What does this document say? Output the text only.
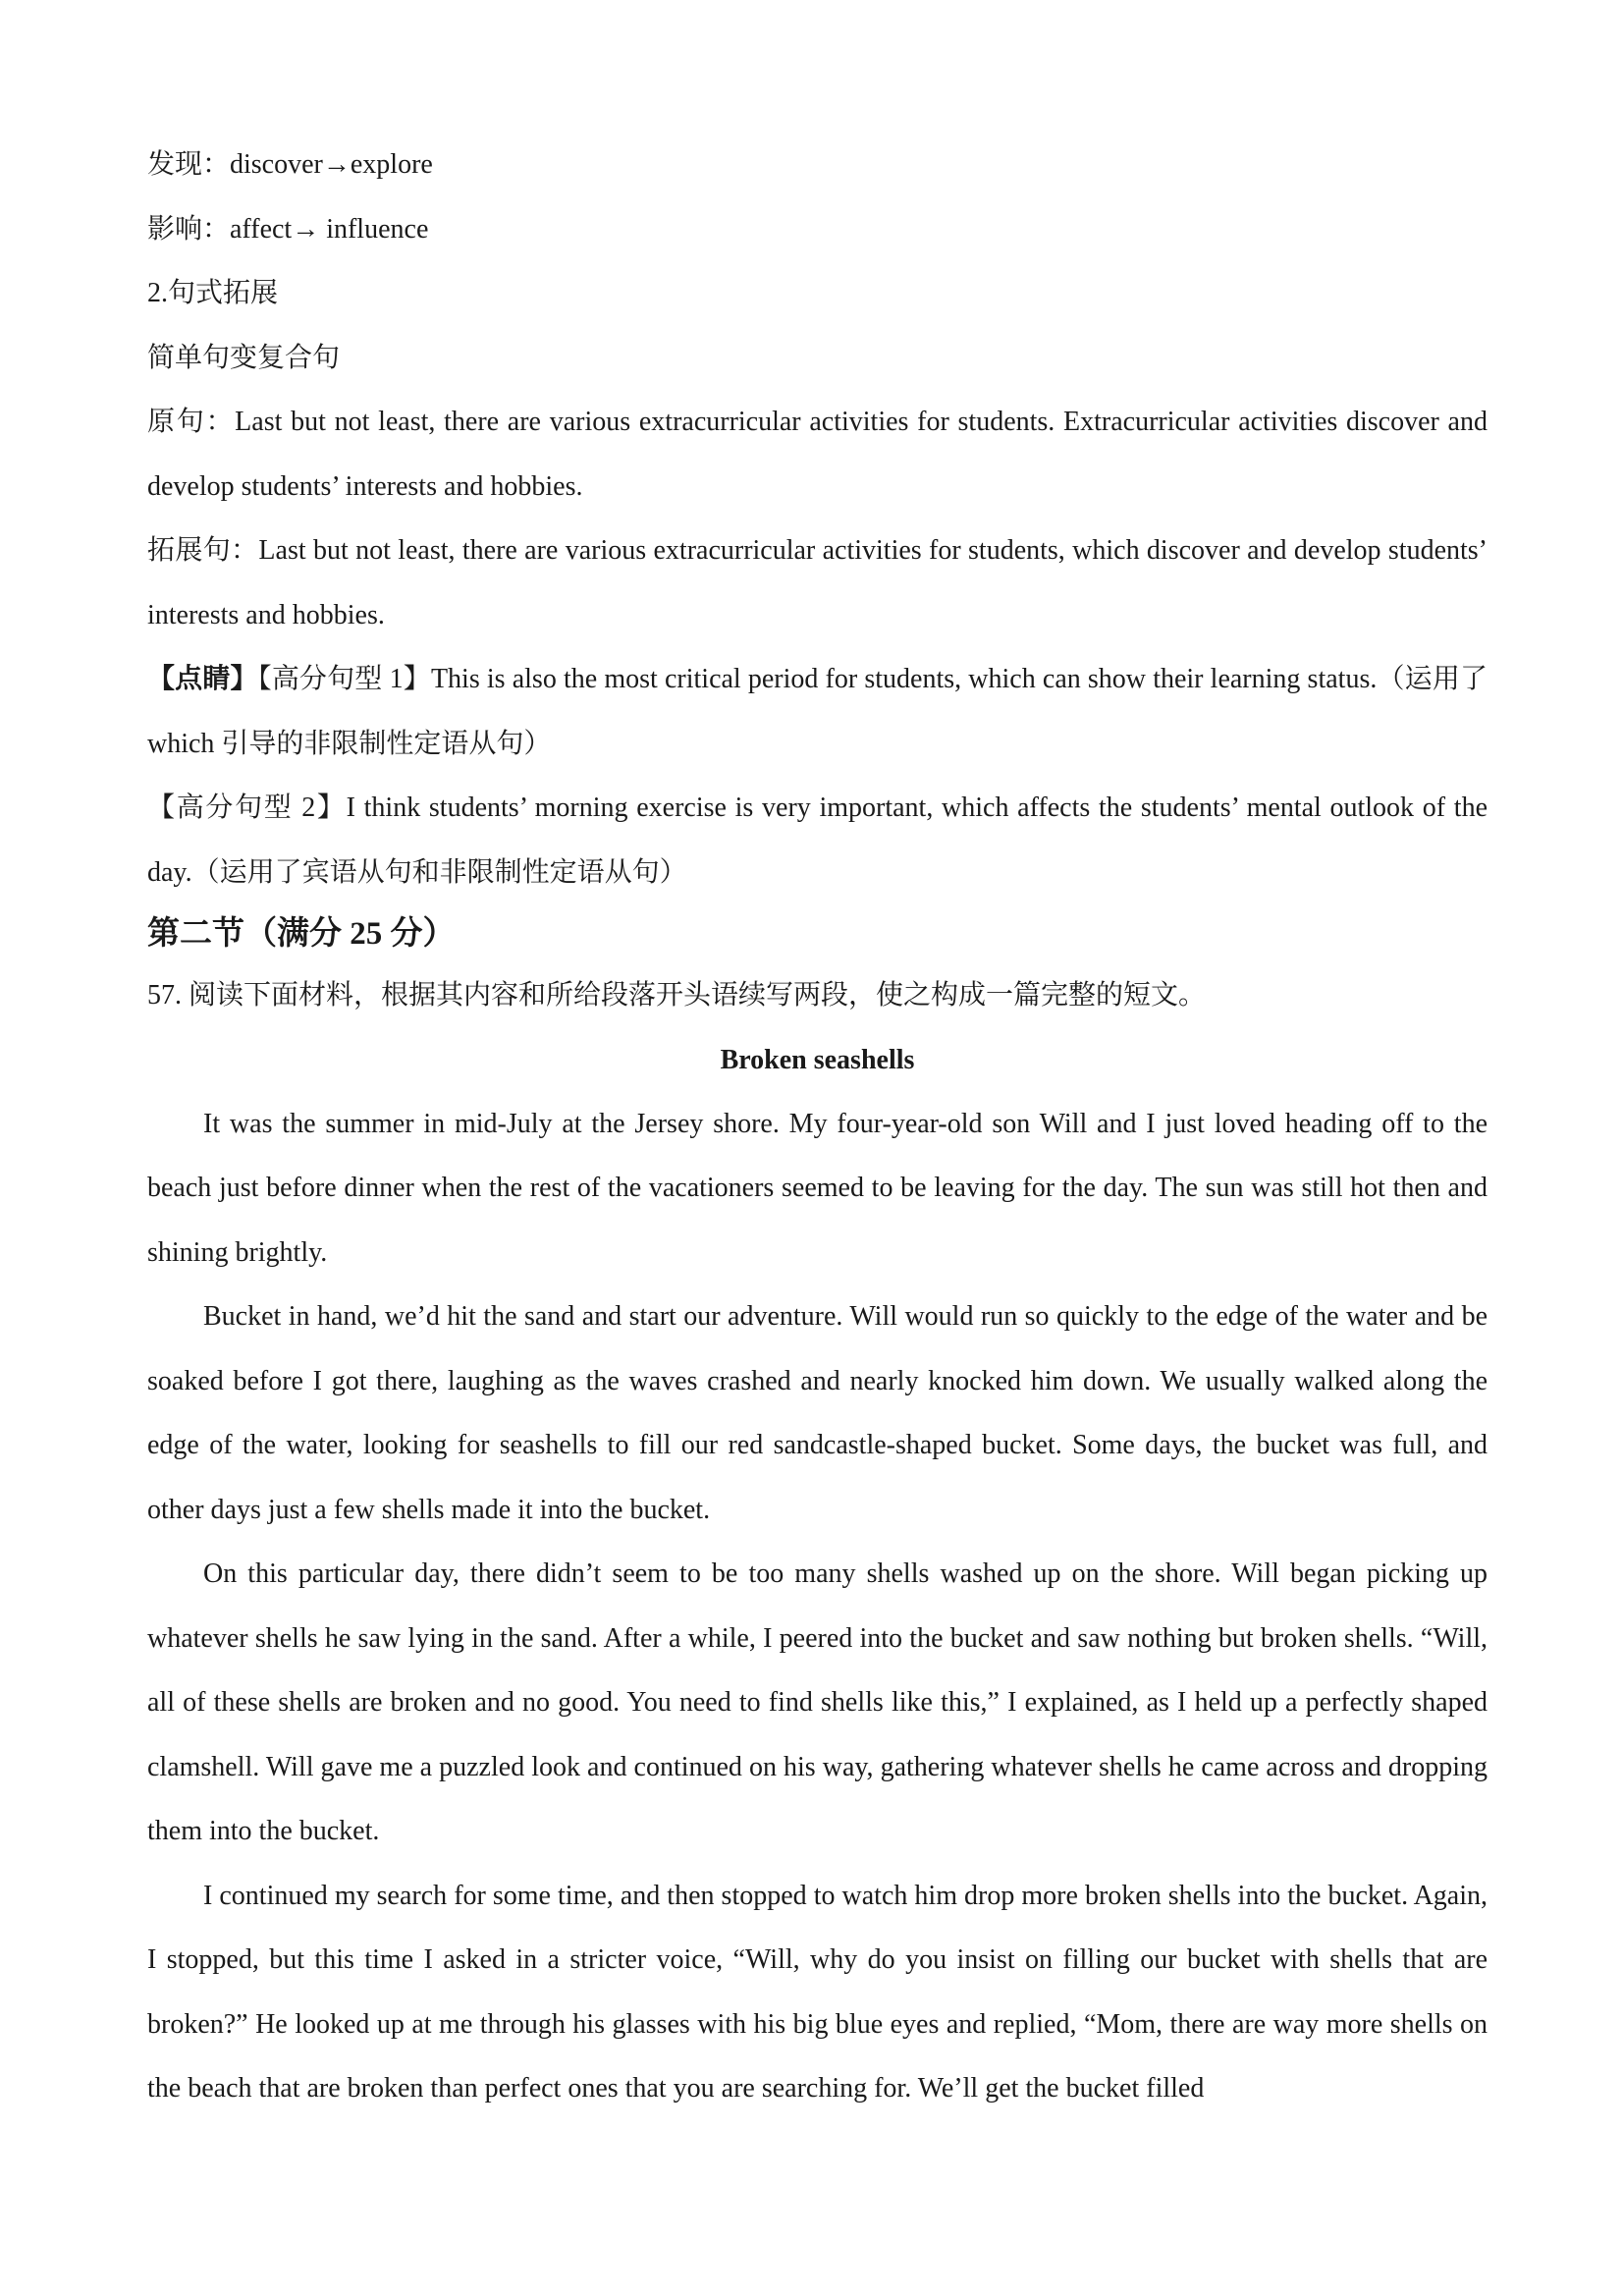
发现：discover→explore

影响：affect→ influence

2.句式拓展

简单句变复合句

原句：Last but not least, there are various extracurricular activities for students. Extracurricular activities discover and develop students’ interests and hobbies.

拓展句：Last but not least, there are various extracurricular activities for students, which discover and develop students’ interests and hobbies.

【点睛】【高分句型 1】This is also the most critical period for students, which can show their learning status.（运用了 which 引导的非限制性定语从句）

【高分句型 2】I think students’ morning exercise is very important, which affects the students’ mental outlook of the day.（运用了宾语从句和非限制性定语从句）

第二节（满分 25 分）

57. 阅读下面材料，根据其内容和所给段落开头语续写两段，使之构成一篇完整的短文。

Broken seashells

It was the summer in mid-July at the Jersey shore. My four-year-old son Will and I just loved heading off to the beach just before dinner when the rest of the vacationers seemed to be leaving for the day. The sun was still hot then and shining brightly.

Bucket in hand, we’d hit the sand and start our adventure. Will would run so quickly to the edge of the water and be soaked before I got there, laughing as the waves crashed and nearly knocked him down. We usually walked along the edge of the water, looking for seashells to fill our red sandcastle-shaped bucket. Some days, the bucket was full, and other days just a few shells made it into the bucket.

On this particular day, there didn’t seem to be too many shells washed up on the shore. Will began picking up whatever shells he saw lying in the sand. After a while, I peered into the bucket and saw nothing but broken shells. “Will, all of these shells are broken and no good. You need to find shells like this,” I explained, as I held up a perfectly shaped clamshell. Will gave me a puzzled look and continued on his way, gathering whatever shells he came across and dropping them into the bucket.

I continued my search for some time, and then stopped to watch him drop more broken shells into the bucket. Again, I stopped, but this time I asked in a stricter voice, “Will, why do you insist on filling our bucket with shells that are broken?” He looked up at me through his glasses with his big blue eyes and replied, “Mom, there are way more shells on the beach that are broken than perfect ones that you are searching for. We’ll get the bucket filled
